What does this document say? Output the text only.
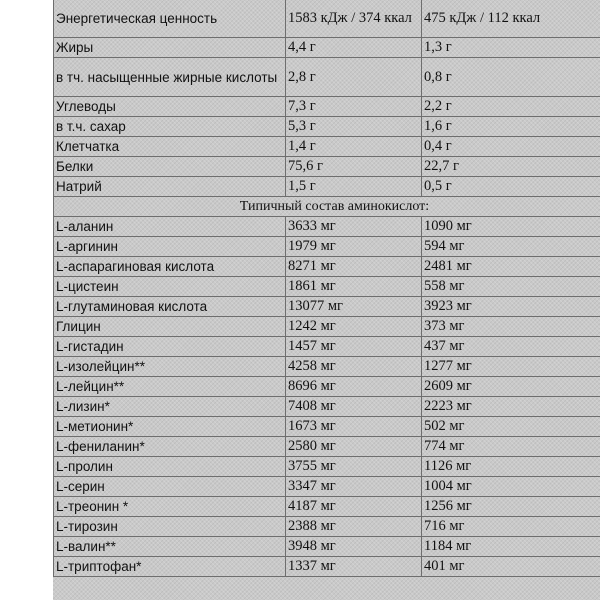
Энергетическая ценность	1583 кДж / 374 ккал	475 кДж / 112 ккал
Жиры	4,4 г	1,3 г
в тч. насыщенные жирные кислоты	2,8 г	0,8 г
Углеводы	7,3 г	2,2 г
в т.ч. сахар	5,3 г	1,6 г
Клетчатка	1,4 г	0,4 г
Белки	75,6 г	22,7 г
Натрий	1,5 г	0,5 г
Типичный состав аминокислот:		
L-аланин	3633 мг	1090 мг
L-аргинин	1979 мг	594 мг
L-аспарагиновая кислота	8271 мг	2481 мг
L-цистеин	1861 мг	558 мг
L-глутаминовая кислота	13077 мг	3923 мг
Глицин	1242 мг	373 мг
L-гистадин	1457 мг	437 мг
L-изолейцин**	4258 мг	1277 мг
L-лейцин**	8696 мг	2609 мг
L-лизин*	7408 мг	2223 мг
L-метионин*	1673 мг	502 мг
L-фениланин*	2580 мг	774 мг
L-пролин	3755 мг	1126 мг
L-серин	3347 мг	1004 мг
L-треонин *	4187 мг	1256 мг
L-тирозин	2388 мг	716 мг
L-валин**	3948 мг	1184 мг
L-триптофан*	1337 мг	401 мг
